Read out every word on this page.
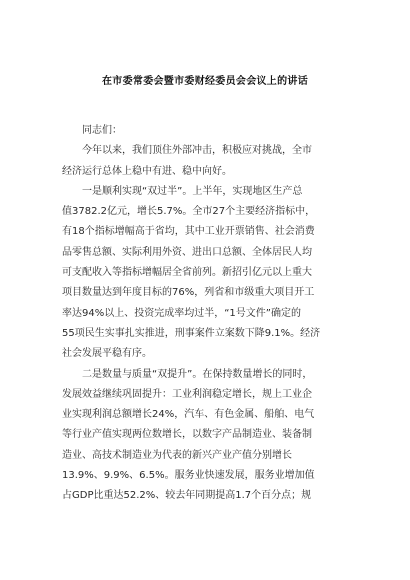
在市委常委会暨市委财经委员会会议上的讲话
同志们：
今年以来，我们顶住外部冲击，积极应对挑战，全市
经济运行总体上稳中有进、稳中向好。
一是顺利实现“双过半”。上半年，实现地区生产总
值3782.2亿元，增长5.7%。全市27个主要经济指标中，
有18个指标增幅高于省均，其中工业开票销售、社会消费
品零售总额、实际利用外资、进出口总额、全体居民人均
可支配收入等指标增幅居全省前列。新招引亿元以上重大
项目数量达到年度目标的76%，列省和市级重大项目开工
率达94%以上、投资完成率均过半，“1号文件”确定的
55项民生实事扎实推进，刑事案件立案数下降9.1%。经济
社会发展平稳有序。
二是数量与质量“双提升”。在保持数量增长的同时，
发展效益继续巩固提升：工业利润稳定增长，规上工业企
业实现利润总额增长24%，汽车、有色金属、船舶、电气
等行业产值实现两位数增长，以数字产品制造业、装备制
造业、高技术制造业为代表的新兴产业产值分别增长
13.9%、9.9%、6.5%。服务业快速发展，服务业增加值
占GDP比重达52.2%、较去年同期提高1.7个百分点；规
